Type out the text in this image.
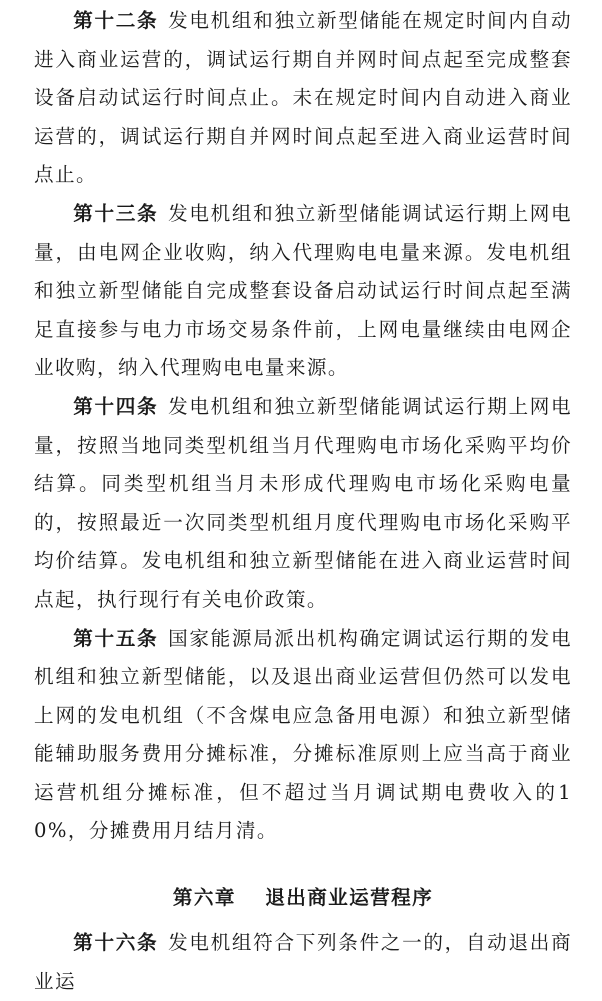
第十二条 发电机组和独立新型储能在规定时间内自动进入商业运营的，调试运行期自并网时间点起至完成整套设备启动试运行时间点止。未在规定时间内自动进入商业运营的，调试运行期自并网时间点起至进入商业运营时间点止。

第十三条 发电机组和独立新型储能调试运行期上网电量，由电网企业收购，纳入代理购电电量来源。发电机组和独立新型储能自完成整套设备启动试运行时间点起至满足直接参与电力市场交易条件前，上网电量继续由电网企业收购，纳入代理购电电量来源。

第十四条 发电机组和独立新型储能调试运行期上网电量，按照当地同类型机组当月代理购电市场化采购平均价结算。同类型机组当月未形成代理购电市场化采购电量的，按照最近一次同类型机组月度代理购电市场化采购平均价结算。发电机组和独立新型储能在进入商业运营时间点起，执行现行有关电价政策。

第十五条 国家能源局派出机构确定调试运行期的发电机组和独立新型储能，以及退出商业运营但仍然可以发电上网的发电机组（不含煤电应急备用电源）和独立新型储能辅助服务费用分摊标准，分摊标准原则上应当高于商业运营机组分摊标准，但不超过当月调试期电费收入的10%，分摊费用月结月清。

第六章 退出商业运营程序

第十六条 发电机组符合下列条件之一的，自动退出商业运
